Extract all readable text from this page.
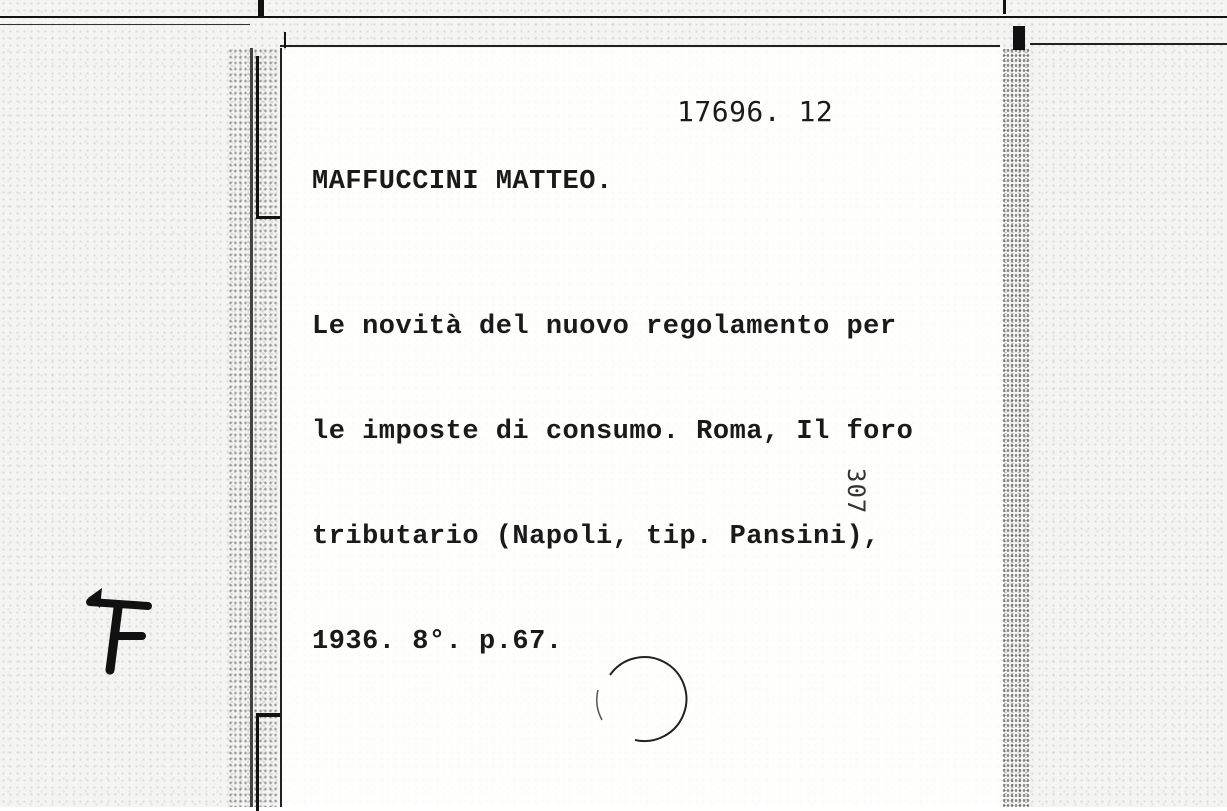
17696. 12
MAFFUCCINI MATTEO.

Le novità del nuovo regolamento per

le imposte di consumo. Roma, Il foro

tributario (Napoli, tip. Pansini),

1936. 8°. p.67.

307
